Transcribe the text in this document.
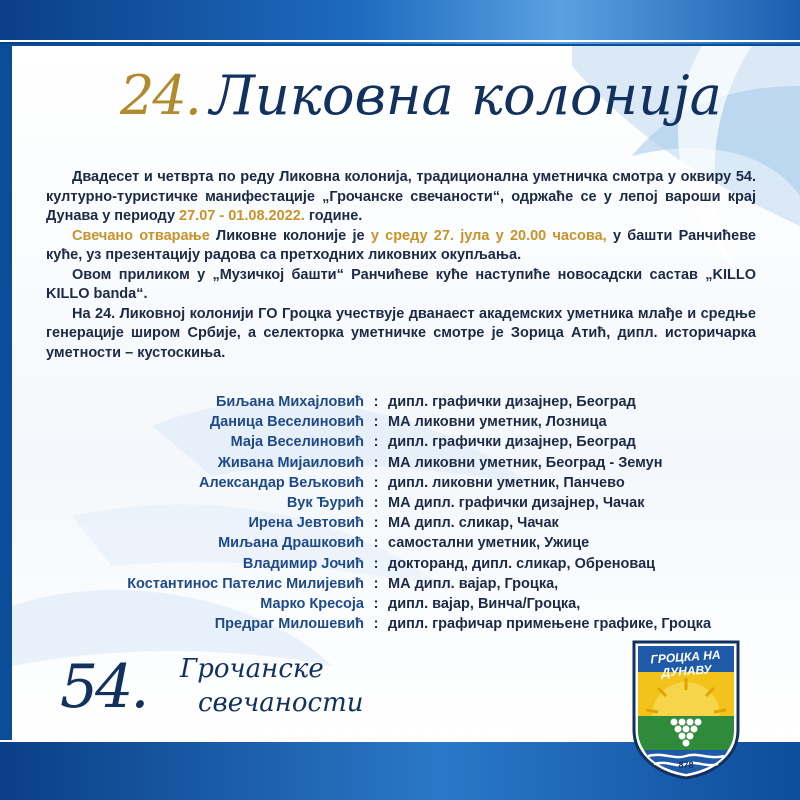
24. Ликовна колонија

Двадесет и четврта по реду Ликовна колонија, традиционална уметничка смотра у оквиру 54. културно-туристичке манифестације „Грочанске свечаности“, одржаће се у лепој вароши крај Дунава у периоду 27.07 - 01.08.2022. године.

Свечано отварање Ликовне колоније је у среду 27. јула у 20.00 часова, у башти Ранчићеве куће, уз презентацију радова са претходних ликовних окупљања.

Овом приликом у „Музичкој башти“ Ранчићеве куће наступиће новосадски састав „KILLO KILLO banda“.

На 24. Ликовној колонији ГО Гроцка учествује дванаест академских уметника млађе и средње генерације широм Србије, а селекторка уметничке смотре је Зорица Атић, дипл. историчарка уметности – кустоскиња.

Биљана Михајловић : дипл. графички дизајнер, Београд
Даница Веселиновић : МА ликовни уметник, Лозница
Маја Веселиновић : дипл. графички дизајнер, Београд
Живана Мијаиловић : МА ликовни уметник, Београд - Земун
Александар Вељковић : дипл. ликовни уметник, Панчево
Вук Ђурић : МА дипл. графички дизајнер, Чачак
Ирена Јевтовић : МА дипл. сликар, Чачак
Миљана Драшковић : самостални уметник, Ужице
Владимир Јочић : докторанд, дипл. сликар, Обреновац
Костантинос Пателис Милијевић : МА дипл. вајар, Гроцка,
Марко Кресоја : дипл. вајар, Винча/Гроцка,
Предраг Милошевић : дипл. графичар примењене графике, Гроцка
54. Грочанске
свечаности
ГРОЦКА НА ДУНАВУ
878
